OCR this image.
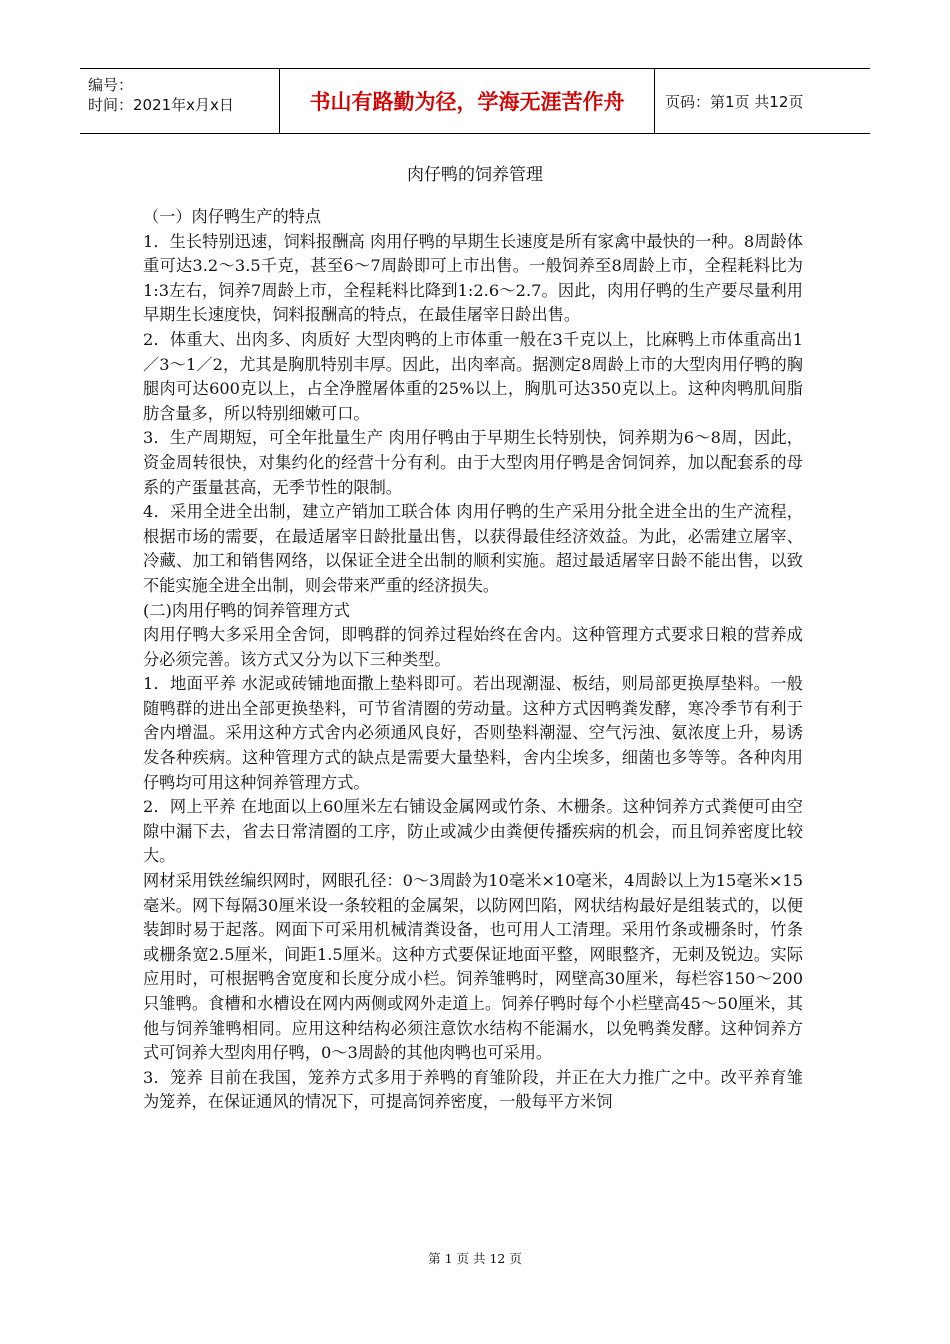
编号：
时间：2021年x月x日	书山有路勤为径，学海无涯苦作舟	页码：第1页 共12页
肉仔鸭的饲养管理

（一）肉仔鸭生产的特点

1．生长特别迅速，饲料报酬高 肉用仔鸭的早期生长速度是所有家禽中最快的一种。8周龄体重可达3.2～3.5千克，甚至6～7周龄即可上市出售。一般饲养至8周龄上市，全程耗料比为1:3左右，饲养7周龄上市，全程耗料比降到1:2.6～2.7。因此，肉用仔鸭的生产要尽量利用早期生长速度快，饲料报酬高的特点，在最佳屠宰日龄出售。

2．体重大、出肉多、肉质好 大型肉鸭的上市体重一般在3千克以上，比麻鸭上市体重高出1／3～1／2，尤其是胸肌特别丰厚。因此，出肉率高。据测定8周龄上市的大型肉用仔鸭的胸腿肉可达600克以上，占全净膛屠体重的25%以上，胸肌可达350克以上。这种肉鸭肌间脂肪含量多，所以特别细嫩可口。

3．生产周期短，可全年批量生产 肉用仔鸭由于早期生长特别快，饲养期为6～8周，因此，资金周转很快，对集约化的经营十分有利。由于大型肉用仔鸭是舍饲饲养，加以配套系的母系的产蛋量甚高，无季节性的限制。

4．采用全进全出制，建立产销加工联合体 肉用仔鸭的生产采用分批全进全出的生产流程，根据市场的需要，在最适屠宰日龄批量出售，以获得最佳经济效益。为此，必需建立屠宰、冷藏、加工和销售网络，以保证全进全出制的顺利实施。超过最适屠宰日龄不能出售，以致不能实施全进全出制，则会带来严重的经济损失。

(二)肉用仔鸭的饲养管理方式

肉用仔鸭大多采用全舍饲，即鸭群的饲养过程始终在舍内。这种管理方式要求日粮的营养成分必须完善。该方式又分为以下三种类型。

1．地面平养 水泥或砖铺地面撒上垫料即可。若出现潮湿、板结，则局部更换厚垫料。一般随鸭群的进出全部更换垫料，可节省清圈的劳动量。这种方式因鸭粪发酵，寒冷季节有利于舍内增温。采用这种方式舍内必须通风良好，否则垫料潮湿、空气污浊、氨浓度上升，易诱发各种疾病。这种管理方式的缺点是需要大量垫料，舍内尘埃多，细菌也多等等。各种肉用仔鸭均可用这种饲养管理方式。

2．网上平养 在地面以上60厘米左右铺设金属网或竹条、木栅条。这种饲养方式粪便可由空隙中漏下去，省去日常清圈的工序，防止或减少由粪便传播疾病的机会，而且饲养密度比较大。

网材采用铁丝编织网时，网眼孔径：0～3周龄为10毫米×10毫米，4周龄以上为15毫米×15毫米。网下每隔30厘米设一条较粗的金属架，以防网凹陷，网状结构最好是组装式的，以便装卸时易于起落。网面下可采用机械清粪设备，也可用人工清理。采用竹条或栅条时，竹条或栅条宽2.5厘米，间距1.5厘米。这种方式要保证地面平整，网眼整齐，无刺及锐边。实际应用时，可根据鸭舍宽度和长度分成小栏。饲养雏鸭时，网壁高30厘米，每栏容150～200只雏鸭。食槽和水槽设在网内两侧或网外走道上。饲养仔鸭时每个小栏壁高45～50厘米，其他与饲养雏鸭相同。应用这种结构必须注意饮水结构不能漏水，以免鸭粪发酵。这种饲养方式可饲养大型肉用仔鸭，0～3周龄的其他肉鸭也可采用。

3．笼养 目前在我国，笼养方式多用于养鸭的育雏阶段，并正在大力推广之中。改平养育雏为笼养，在保证通风的情况下，可提高饲养密度，一般每平方米饲

第 1 页 共 12 页
